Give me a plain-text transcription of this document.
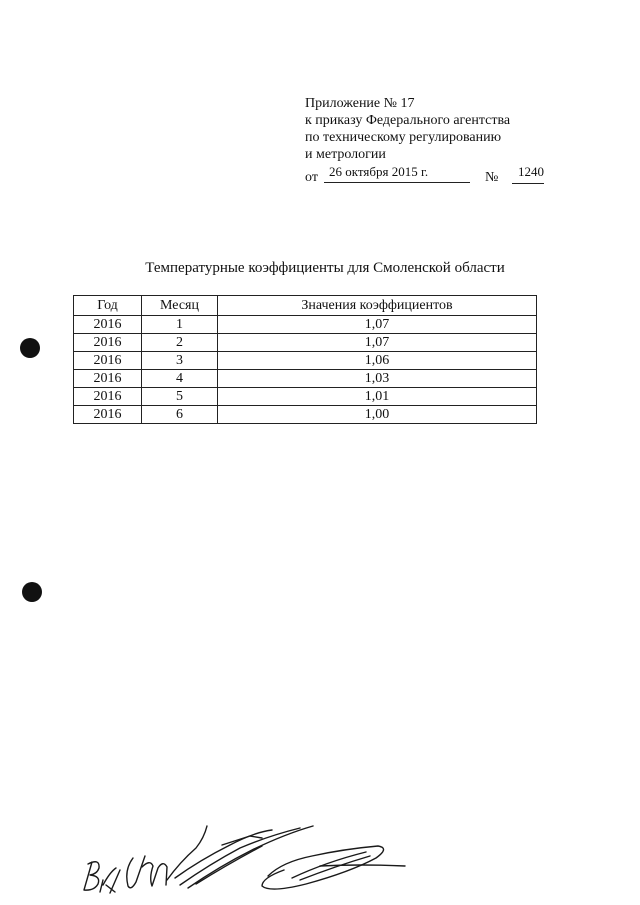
Приложение № 17
к приказу Федерального агентства
по техническому регулированию
и метрологии
от 26 октября 2015 г.	№	1240
Температурные коэффициенты для Смоленской области
Год	Месяц	Значения коэффициентов
2016	1	1,07
2016	2	1,07
2016	3	1,06
2016	4	1,03
2016	5	1,01
2016	6	1,00
